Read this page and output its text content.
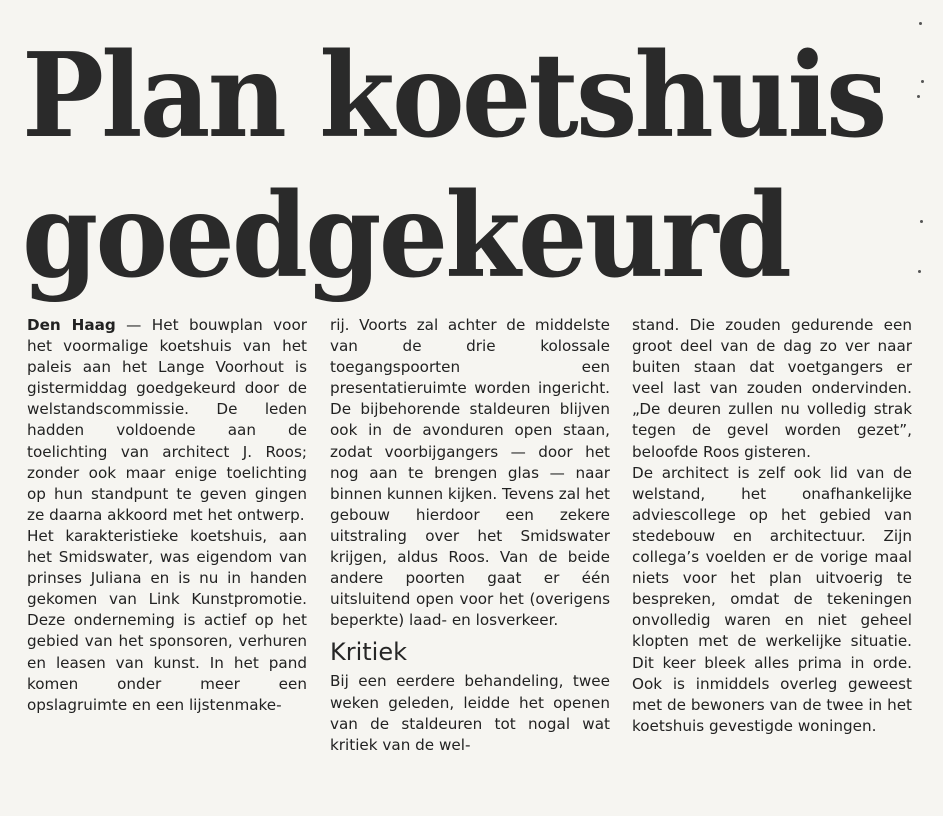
Plan koetshuis
goedgekeurd

Den Haag — Het bouwplan voor het voormalige koetshuis van het paleis aan het Lange Voorhout is gistermiddag goedgekeurd door de welstandscommissie. De leden hadden voldoende aan de toelichting van architect J. Roos; zonder ook maar enige toelichting op hun standpunt te geven gingen ze daarna akkoord met het ontwerp.

Het karakteristieke koetshuis, aan het Smidswater, was eigendom van prinses Juliana en is nu in handen gekomen van Link Kunstpromotie. Deze onderneming is actief op het gebied van het sponsoren, verhuren en leasen van kunst. In het pand komen onder meer een opslagruimte en een lijstenmake-

rij. Voorts zal achter de middelste van de drie kolossale toegangspoorten een presentatieruimte worden ingericht. De bijbehorende staldeuren blijven ook in de avonduren open staan, zodat voorbijgangers — door het nog aan te brengen glas — naar binnen kunnen kijken. Tevens zal het gebouw hierdoor een zekere uitstraling over het Smidswater krijgen, aldus Roos. Van de beide andere poorten gaat er één uitsluitend open voor het (overigens beperkte) laad- en losverkeer.

Kritiek

Bij een eerdere behandeling, twee weken geleden, leidde het openen van de staldeuren tot nogal wat kritiek van de wel-

stand. Die zouden gedurende een groot deel van de dag zo ver naar buiten staan dat voetgangers er veel last van zouden ondervinden. „De deuren zullen nu volledig strak tegen de gevel worden gezet”, beloofde Roos gisteren.

De architect is zelf ook lid van de welstand, het onafhankelijke adviescollege op het gebied van stedebouw en architectuur. Zijn collega’s voelden er de vorige maal niets voor het plan uitvoerig te bespreken, omdat de tekeningen onvolledig waren en niet geheel klopten met de werkelijke situatie. Dit keer bleek alles prima in orde. Ook is inmiddels overleg geweest met de bewoners van de twee in het koetshuis gevestigde woningen.
